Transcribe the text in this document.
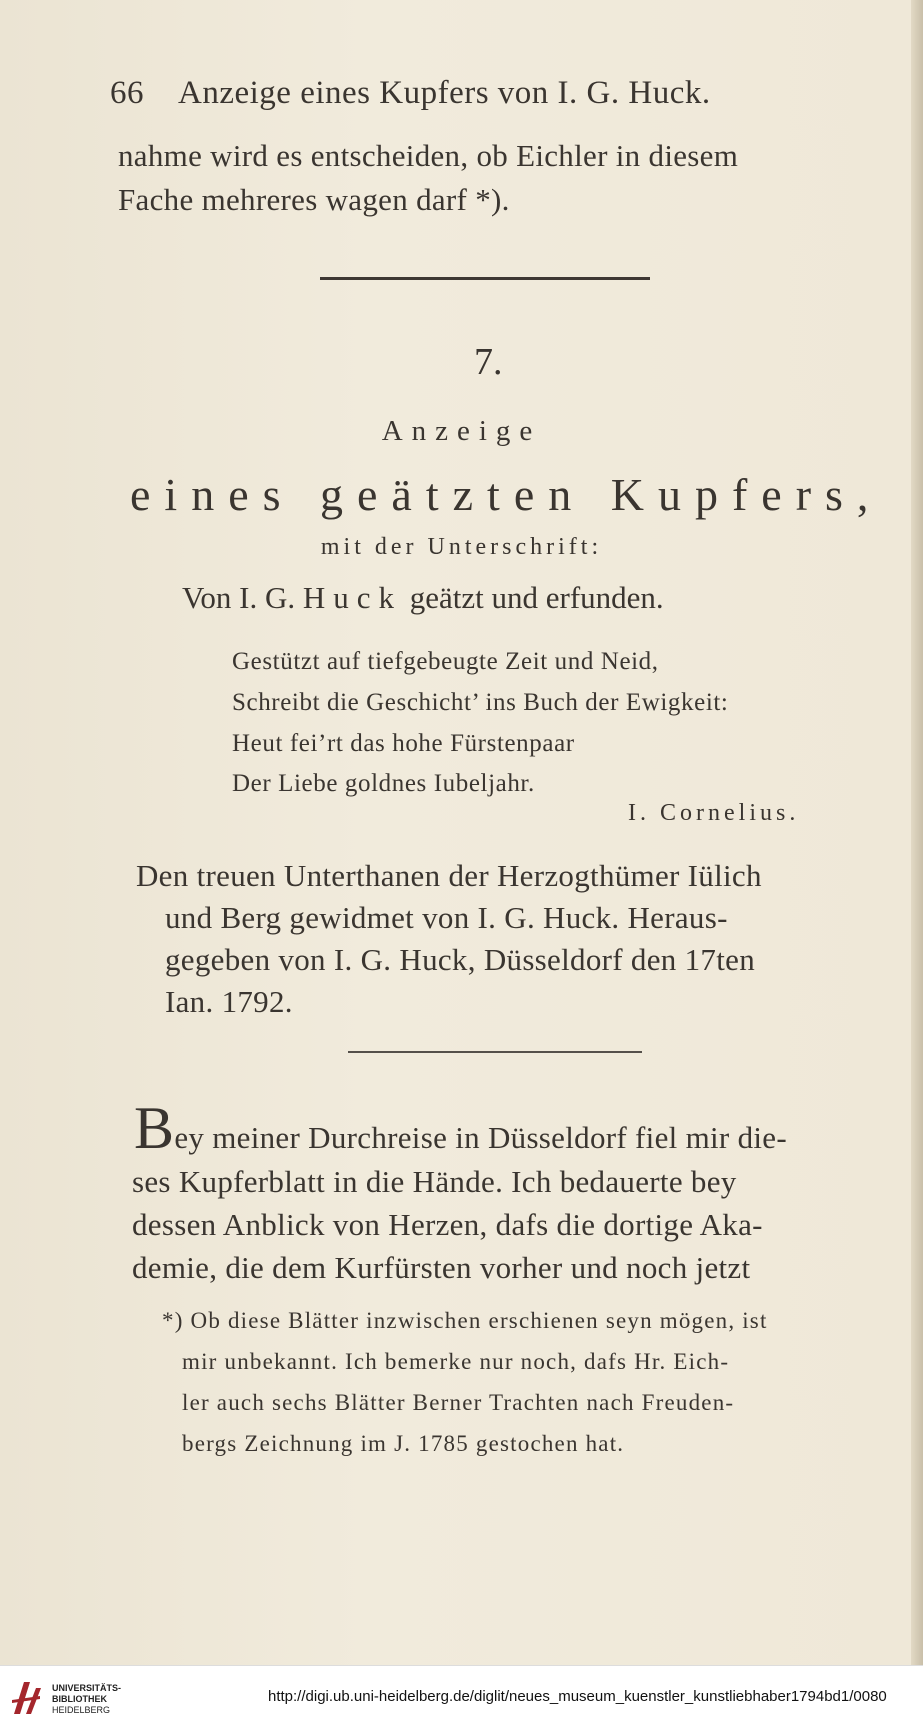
66 Anzeige eines Kupfers von I. G. Huck.
nahme wird es entscheiden, ob Eichler in diesem
Fache mehreres wagen darf *).
7.
Anzeige
eines geätzten Kupfers,
mit der Unterschrift:
Von I. G. Huck geätzt und erfunden.
Gestützt auf tiefgebeugte Zeit und Neid,
Schreibt die Geschicht’ ins Buch der Ewigkeit:
Heut fei’rt das hohe Fürstenpaar
Der Liebe goldnes Iubeljahr.
I. Cornelius.
Den treuen Unterthanen der Herzogthümer Iülich
und Berg gewidmet von I. G. Huck. Heraus-
gegeben von I. G. Huck, Düsseldorf den 17ten
Ian. 1792.
Bey meiner Durchreise in Düsseldorf fiel mir die-
ses Kupferblatt in die Hände. Ich bedauerte bey
dessen Anblick von Herzen, dafs die dortige Aka-
demie, die dem Kurfürsten vorher und noch jetzt
*) Ob diese Blätter inzwischen erschienen seyn mögen, ist
mir unbekannt. Ich bemerke nur noch, dafs Hr. Eich-
ler auch sechs Blätter Berner Trachten nach Freuden-
bergs Zeichnung im J. 1785 gestochen hat.
UNIVERSITÄTS-
BIBLIOTHEK
HEIDELBERG
http://digi.ub.uni-heidelberg.de/diglit/neues_museum_kuenstler_kunstliebhaber1794bd1/0080
